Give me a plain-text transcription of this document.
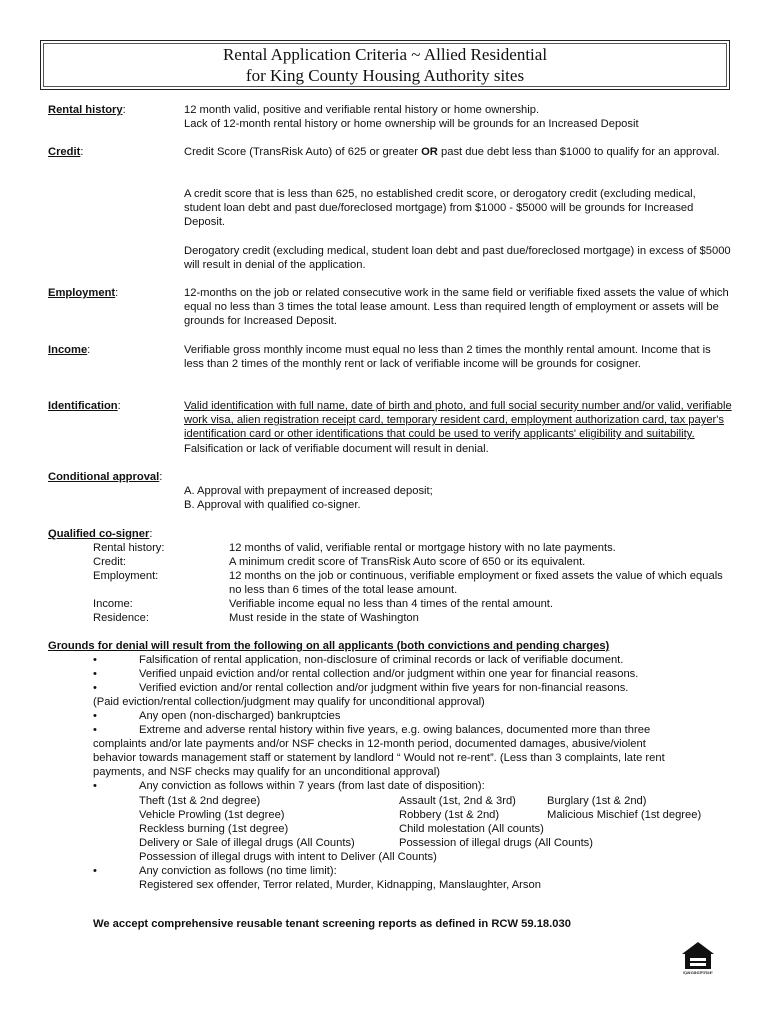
Rental Application Criteria ~ Allied Residential
for King County Housing Authority sites
Rental history:	12 month valid, positive and verifiable rental history or home ownership.
Lack of 12-month rental history or home ownership will be grounds for an Increased Deposit
Credit:	Credit Score (TransRisk Auto) of 625 or greater OR past due debt less than $1000 to qualify for an approval.
A credit score that is less than 625, no established credit score, or derogatory credit (excluding medical, student loan debt and past due/foreclosed mortgage) from $1000 - $5000 will be grounds for Increased Deposit.
Derogatory credit (excluding medical, student loan debt and past due/foreclosed mortgage) in excess of $5000 will result in denial of the application.
Employment:	12-months on the job or related consecutive work in the same field or verifiable fixed assets the value of which equal no less than 3 times the total lease amount. Less than required length of employment or assets will be grounds for Increased Deposit.
Income:	Verifiable gross monthly income must equal no less than 2 times the monthly rental amount. Income that is less than 2 times of the monthly rent or lack of verifiable income will be grounds for cosigner.
Identification:	Valid identification with full name, date of birth and photo, and full social security number and/or valid, verifiable work visa, alien registration receipt card, temporary resident card, employment authorization card, tax payer's identification card or other identifications that could be used to verify applicants' eligibility and suitability. Falsification or lack of verifiable document will result in denial.
Conditional approval:
A. Approval with prepayment of increased deposit;
B. Approval with qualified co-signer.
Qualified co-signer:
Rental history:	12 months of valid, verifiable rental or mortgage history with no late payments.
Credit:	A minimum credit score of TransRisk Auto score of 650 or its equivalent.
Employment:	12 months on the job or continuous, verifiable employment or fixed assets the value of which equals no less than 6 times of the total lease amount.
Income:	Verifiable income equal no less than 4 times of the rental amount.
Residence:	Must reside in the state of Washington
Grounds for denial will result from the following on all applicants (both convictions and pending charges)
•	Falsification of rental application, non-disclosure of criminal records or lack of verifiable document.
•	Verified unpaid eviction and/or rental collection and/or judgment within one year for financial reasons.
•	Verified eviction and/or rental collection and/or judgment within five years for non-financial reasons.
(Paid eviction/rental collection/judgment may qualify for unconditional approval)
•	Any open (non-discharged) bankruptcies
•	Extreme and adverse rental history within five years, e.g. owing balances, documented more than three
complaints and/or late payments and/or NSF checks in 12-month period, documented damages, abusive/violent
behavior towards management staff or statement by landlord “ Would not re-rent”. (Less than 3 complaints, late rent
payments, and NSF checks may qualify for an unconditional approval)
•	Any conviction as follows within 7 years (from last date of disposition):
Theft (1st & 2nd degree)	Assault (1st, 2nd & 3rd)	Burglary (1st & 2nd)
Vehicle Prowling (1st degree)	Robbery (1st & 2nd)	Malicious Mischief (1st degree)
Reckless burning (1st degree)	Child molestation (All counts)
Delivery or Sale of illegal drugs (All Counts)	Possession of illegal drugs (All Counts)
Possession of illegal drugs with intent to Deliver (All Counts)
•	Any conviction as follows (no time limit):
Registered sex offender, Terror related, Murder, Kidnapping, Manslaughter, Arson
We accept comprehensive reusable tenant screening reports as defined in RCW 59.18.030
EQUAL HOUSING OPPORTUNITY
